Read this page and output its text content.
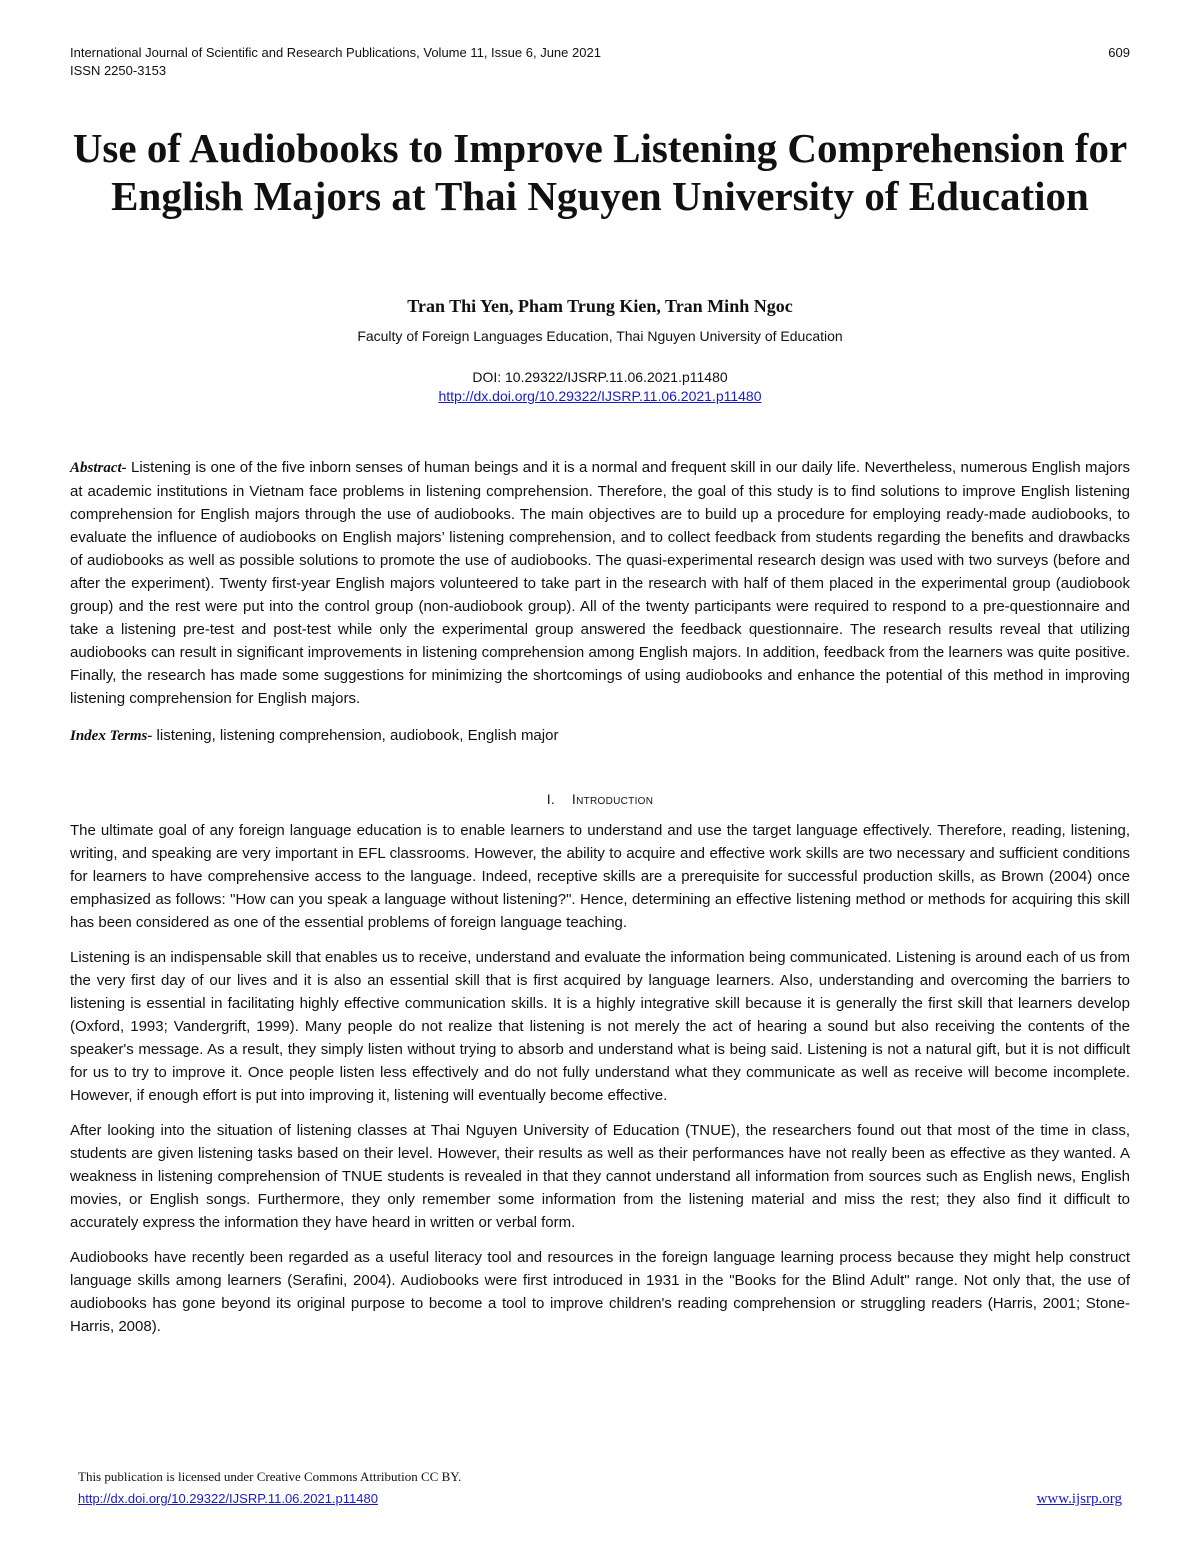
International Journal of Scientific and Research Publications, Volume 11, Issue 6, June 2021
ISSN 2250-3153
609
Use of Audiobooks to Improve Listening Comprehension for English Majors at Thai Nguyen University of Education
Tran Thi Yen, Pham Trung Kien, Tran Minh Ngoc
Faculty of Foreign Languages Education, Thai Nguyen University of Education
DOI: 10.29322/IJSRP.11.06.2021.p11480
http://dx.doi.org/10.29322/IJSRP.11.06.2021.p11480

Abstract- Listening is one of the five inborn senses of human beings and it is a normal and frequent skill in our daily life. Nevertheless, numerous English majors at academic institutions in Vietnam face problems in listening comprehension. Therefore, the goal of this study is to find solutions to improve English listening comprehension for English majors through the use of audiobooks. The main objectives are to build up a procedure for employing ready-made audiobooks, to evaluate the influence of audiobooks on English majors’ listening comprehension, and to collect feedback from students regarding the benefits and drawbacks of audiobooks as well as possible solutions to promote the use of audiobooks. The quasi-experimental research design was used with two surveys (before and after the experiment). Twenty first-year English majors volunteered to take part in the research with half of them placed in the experimental group (audiobook group) and the rest were put into the control group (non-audiobook group). All of the twenty participants were required to respond to a pre-questionnaire and take a listening pre-test and post-test while only the experimental group answered the feedback questionnaire. The research results reveal that utilizing audiobooks can result in significant improvements in listening comprehension among English majors. In addition, feedback from the learners was quite positive. Finally, the research has made some suggestions for minimizing the shortcomings of using audiobooks and enhance the potential of this method in improving listening comprehension for English majors.

Index Terms- listening, listening comprehension, audiobook, English major

I. Introduction

The ultimate goal of any foreign language education is to enable learners to understand and use the target language effectively. Therefore, reading, listening, writing, and speaking are very important in EFL classrooms. However, the ability to acquire and effective work skills are two necessary and sufficient conditions for learners to have comprehensive access to the language. Indeed, receptive skills are a prerequisite for successful production skills, as Brown (2004) once emphasized as follows: "How can you speak a language without listening?". Hence, determining an effective listening method or methods for acquiring this skill has been considered as one of the essential problems of foreign language teaching.

Listening is an indispensable skill that enables us to receive, understand and evaluate the information being communicated. Listening is around each of us from the very first day of our lives and it is also an essential skill that is first acquired by language learners. Also, understanding and overcoming the barriers to listening is essential in facilitating highly effective communication skills. It is a highly integrative skill because it is generally the first skill that learners develop (Oxford, 1993; Vandergrift, 1999). Many people do not realize that listening is not merely the act of hearing a sound but also receiving the contents of the speaker's message. As a result, they simply listen without trying to absorb and understand what is being said. Listening is not a natural gift, but it is not difficult for us to try to improve it. Once people listen less effectively and do not fully understand what they communicate as well as receive will become incomplete. However, if enough effort is put into improving it, listening will eventually become effective.

After looking into the situation of listening classes at Thai Nguyen University of Education (TNUE), the researchers found out that most of the time in class, students are given listening tasks based on their level. However, their results as well as their performances have not really been as effective as they wanted. A weakness in listening comprehension of TNUE students is revealed in that they cannot understand all information from sources such as English news, English movies, or English songs. Furthermore, they only remember some information from the listening material and miss the rest; they also find it difficult to accurately express the information they have heard in written or verbal form.

Audiobooks have recently been regarded as a useful literacy tool and resources in the foreign language learning process because they might help construct language skills among learners (Serafini, 2004). Audiobooks were first introduced in 1931 in the "Books for the Blind Adult" range. Not only that, the use of audiobooks has gone beyond its original purpose to become a tool to improve children's reading comprehension or struggling readers (Harris, 2001; Stone-Harris, 2008).

This publication is licensed under Creative Commons Attribution CC BY.
http://dx.doi.org/10.29322/IJSRP.11.06.2021.p11480	www.ijsrp.org
